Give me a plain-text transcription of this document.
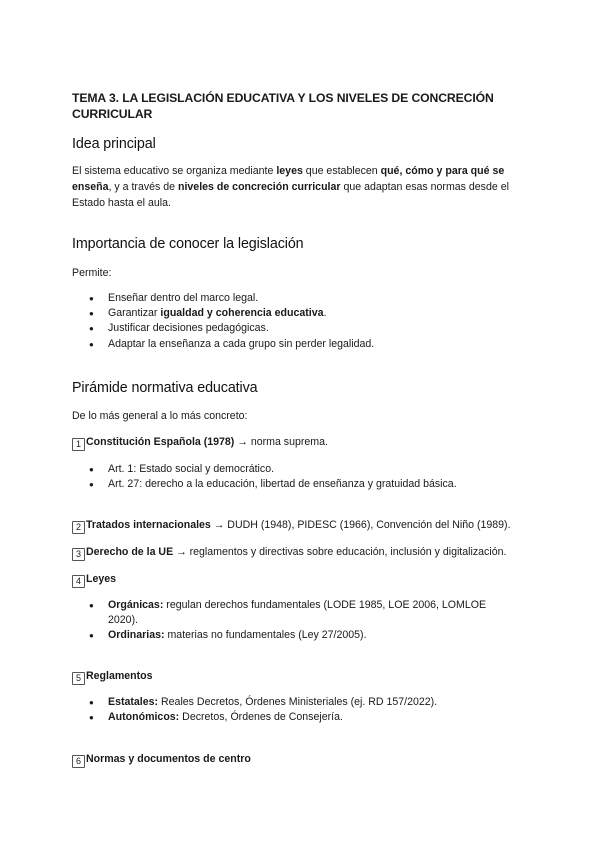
TEMA 3. LA LEGISLACIÓN EDUCATIVA Y LOS NIVELES DE CONCRECIÓN CURRICULAR
Idea principal
El sistema educativo se organiza mediante leyes que establecen qué, cómo y para qué se enseña, y a través de niveles de concreción curricular que adaptan esas normas desde el Estado hasta el aula.
Importancia de conocer la legislación
Permite:
● Enseñar dentro del marco legal.
● Garantizar igualdad y coherencia educativa.
● Justificar decisiones pedagógicas.
● Adaptar la enseñanza a cada grupo sin perder legalidad.
Pirámide normativa educativa
De lo más general a lo más concreto:
1 Constitución Española (1978) → norma suprema.
● Art. 1: Estado social y democrático.
● Art. 27: derecho a la educación, libertad de enseñanza y gratuidad básica.
2 Tratados internacionales → DUDH (1948), PIDESC (1966), Convención del Niño (1989).
3 Derecho de la UE → reglamentos y directivas sobre educación, inclusión y digitalización.
4 Leyes
● Orgánicas: regulan derechos fundamentales (LODE 1985, LOE 2006, LOMLOE 2020).
● Ordinarias: materias no fundamentales (Ley 27/2005).
5 Reglamentos
● Estatales: Reales Decretos, Órdenes Ministeriales (ej. RD 157/2022).
● Autonómicos: Decretos, Órdenes de Consejería.
6 Normas y documentos de centro
